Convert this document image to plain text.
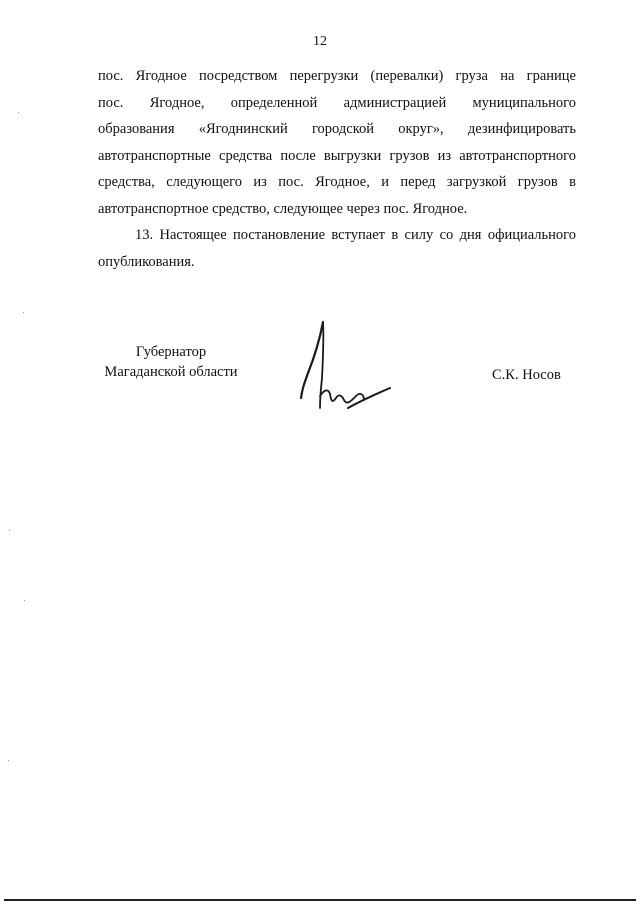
12
пос. Ягодное посредством перегрузки (перевалки) груза на границе
пос. Ягодное, определенной администрацией муниципального
образования «Ягоднинский городской округ», дезинфицировать
автотранспортные средства после выгрузки грузов из автотранспортного
средства, следующего из пос. Ягодное, и перед загрузкой грузов в
автотранспортное средство, следующее через пос. Ягодное.
13. Настоящее постановление вступает в силу со дня официального
опубликования.
Губернатор
Магаданской области	С.К. Носов
